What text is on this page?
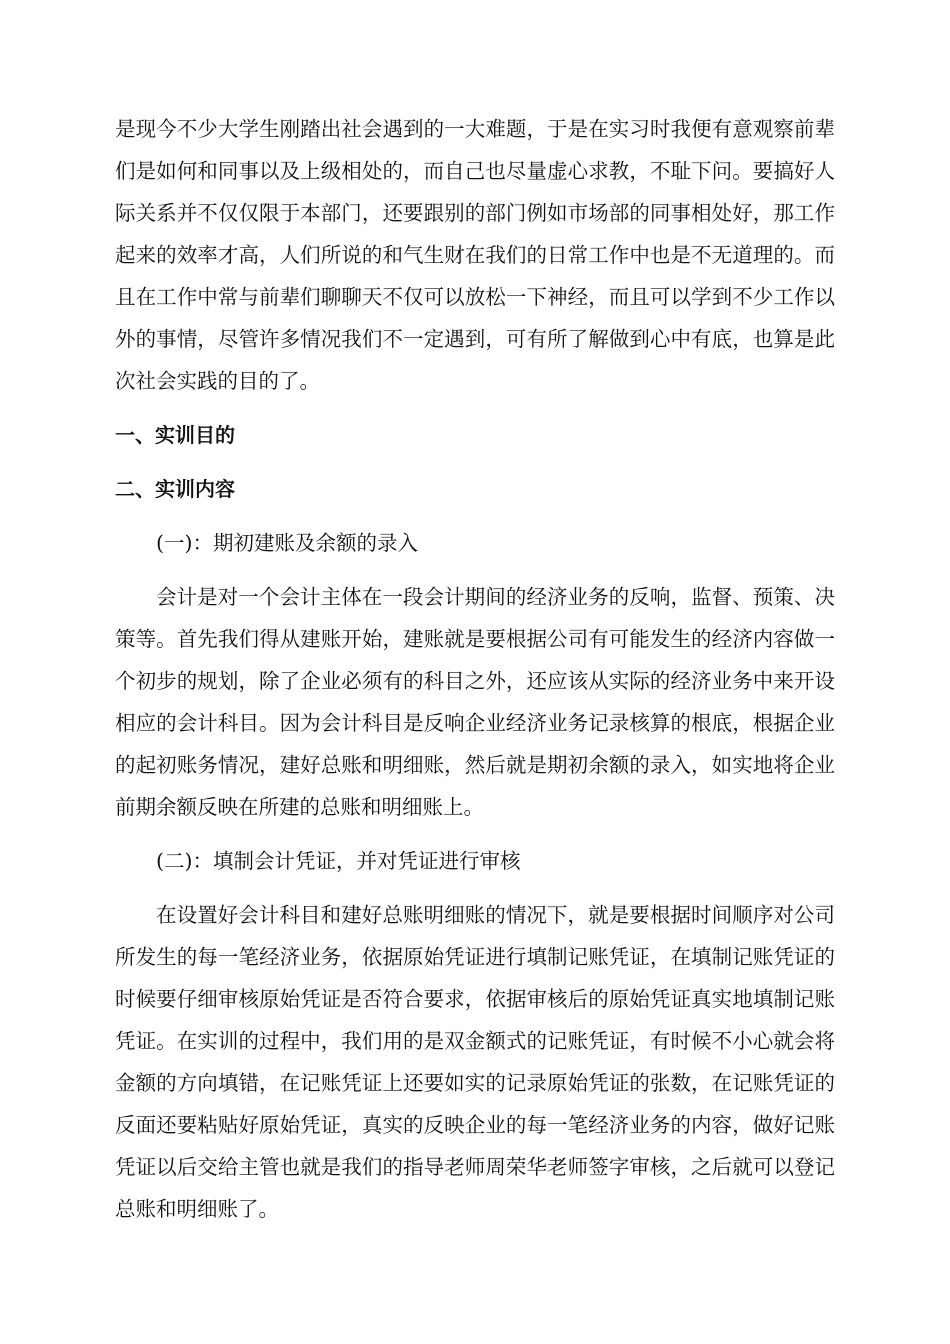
是现今不少大学生刚踏出社会遇到的一大难题，于是在实习时我便有意观察前辈们是如何和同事以及上级相处的，而自己也尽量虚心求教，不耻下问。要搞好人际关系并不仅仅限于本部门，还要跟别的部门例如市场部的同事相处好，那工作起来的效率才高，人们所说的和气生财在我们的日常工作中也是不无道理的。而且在工作中常与前辈们聊聊天不仅可以放松一下神经，而且可以学到不少工作以外的事情，尽管许多情况我们不一定遇到，可有所了解做到心中有底，也算是此次社会实践的目的了。

一、实训目的

二、实训内容

(一)：期初建账及余额的录入

会计是对一个会计主体在一段会计期间的经济业务的反响，监督、预策、决策等。首先我们得从建账开始，建账就是要根据公司有可能发生的经济内容做一个初步的规划，除了企业必须有的科目之外，还应该从实际的经济业务中来开设相应的会计科目。因为会计科目是反响企业经济业务记录核算的根底，根据企业的起初账务情况，建好总账和明细账，然后就是期初余额的录入，如实地将企业前期余额反映在所建的总账和明细账上。

(二)：填制会计凭证，并对凭证进行审核

在设置好会计科目和建好总账明细账的情况下，就是要根据时间顺序对公司所发生的每一笔经济业务，依据原始凭证进行填制记账凭证，在填制记账凭证的时候要仔细审核原始凭证是否符合要求，依据审核后的原始凭证真实地填制记账凭证。在实训的过程中，我们用的是双金额式的记账凭证，有时候不小心就会将金额的方向填错，在记账凭证上还要如实的记录原始凭证的张数，在记账凭证的反面还要粘贴好原始凭证，真实的反映企业的每一笔经济业务的内容，做好记账凭证以后交给主管也就是我们的指导老师周荣华老师签字审核，之后就可以登记总账和明细账了。
